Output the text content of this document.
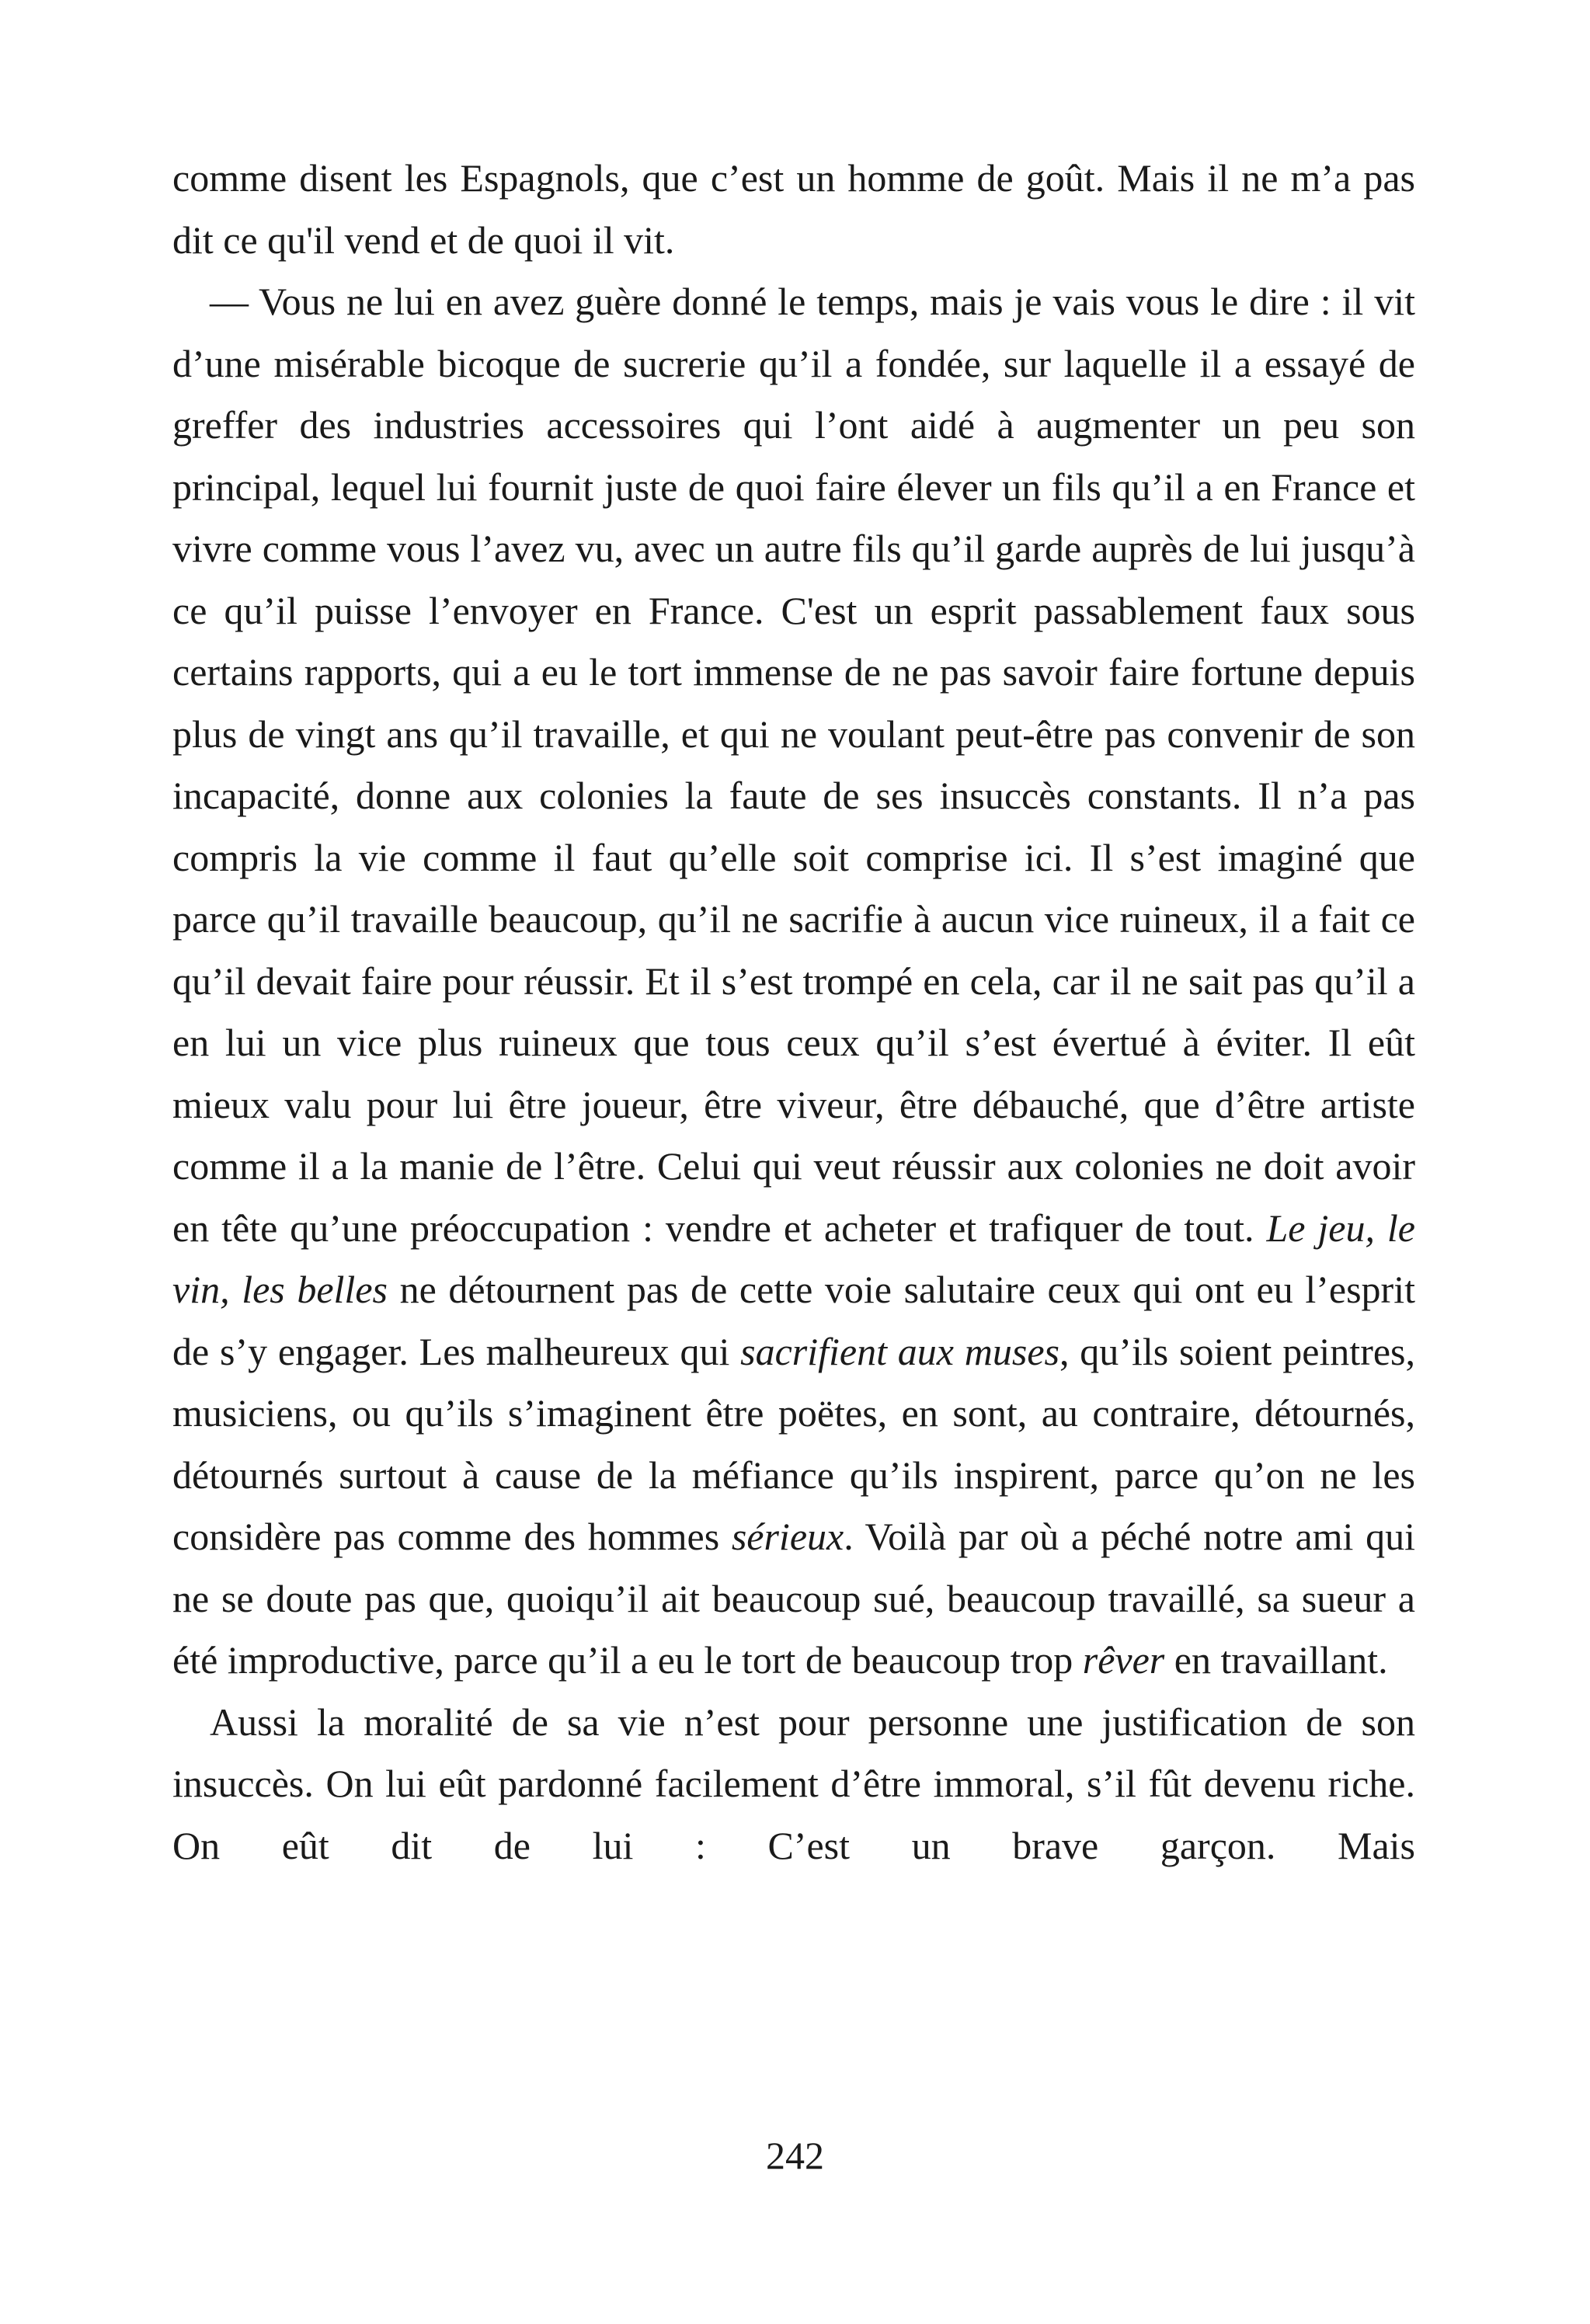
comme disent les Espagnols, que c’est un homme de goût. Mais il ne m’a pas dit ce qu'il vend et de quoi il vit.

— Vous ne lui en avez guère donné le temps, mais je vais vous le dire : il vit d’une misérable bicoque de sucrerie qu’il a fondée, sur laquelle il a essayé de greffer des industries accessoires qui l’ont aidé à augmenter un peu son principal, lequel lui fournit juste de quoi faire élever un fils qu’il a en France et vivre comme vous l’avez vu, avec un autre fils qu’il garde auprès de lui jusqu’à ce qu’il puisse l’envoyer en France. C'est un esprit passablement faux sous certains rapports, qui a eu le tort immense de ne pas savoir faire fortune depuis plus de vingt ans qu’il travaille, et qui ne voulant peut-être pas convenir de son incapacité, donne aux colonies la faute de ses insuccès constants. Il n’a pas compris la vie comme il faut qu’elle soit comprise ici. Il s’est imaginé que parce qu’il travaille beaucoup, qu’il ne sacrifie à aucun vice ruineux, il a fait ce qu’il devait faire pour réussir. Et il s’est trompé en cela, car il ne sait pas qu’il a en lui un vice plus ruineux que tous ceux qu’il s’est évertué à éviter. Il eût mieux valu pour lui être joueur, être viveur, être débauché, que d’être artiste comme il a la manie de l’être. Celui qui veut réussir aux colonies ne doit avoir en tête qu’une préoccupation : vendre et acheter et trafiquer de tout. Le jeu, le vin, les belles ne détournent pas de cette voie salutaire ceux qui ont eu l’esprit de s’y engager. Les malheureux qui sacrifient aux muses, qu’ils soient peintres, musiciens, ou qu’ils s’imaginent être poëtes, en sont, au contraire, détournés, détournés surtout à cause de la méfiance qu’ils inspirent, parce qu’on ne les considère pas comme des hommes sérieux. Voilà par où a péché notre ami qui ne se doute pas que, quoiqu’il ait beaucoup sué, beaucoup travaillé, sa sueur a été improductive, parce qu’il a eu le tort de beaucoup trop rêver en travaillant.

Aussi la moralité de sa vie n’est pour personne une justification de son insuccès. On lui eût pardonné facilement d’être immoral, s’il fût devenu riche. On eût dit de lui : C’est un brave garçon. Mais

242
